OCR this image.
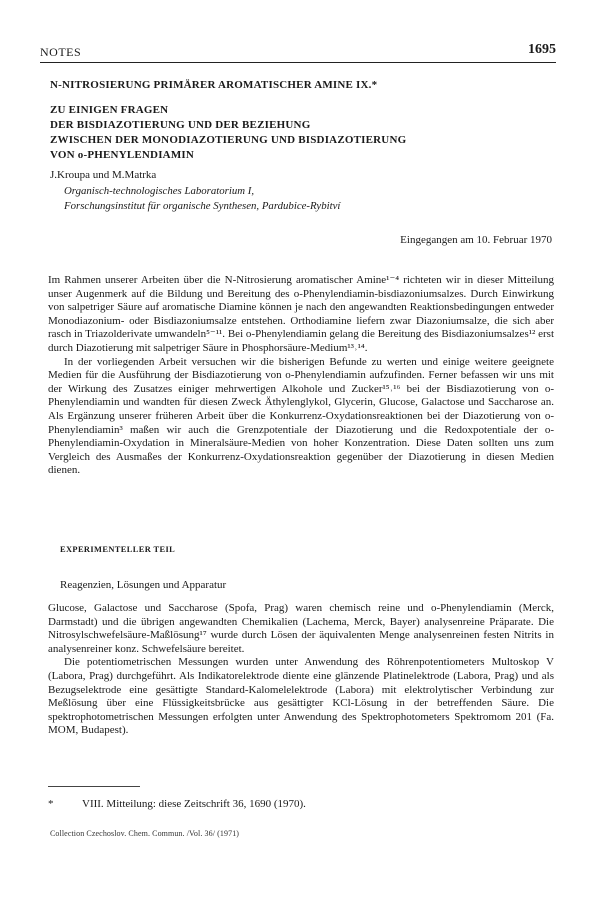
NOTES	1695
N-NITROSIERUNG PRIMÄRER AROMATISCHER AMINE IX.*
ZU EINIGEN FRAGEN
DER BISDIAZOTIERUNG UND DER BEZIEHUNG
ZWISCHEN DER MONODIAZOTIERUNG UND BISDIAZOTIERUNG
VON o-PHENYLENDIAMIN
J.Kroupa und M.Matrka
Organisch-technologisches Laboratorium I,
Forschungsinstitut für organische Synthesen, Pardubice-Rybitví
Eingegangen am 10. Februar 1970

Im Rahmen unserer Arbeiten über die N-Nitrosierung aromatischer Amine¹⁻⁴ richteten wir in dieser Mitteilung unser Augenmerk auf die Bildung und Bereitung des o-Phenylendiamin-bisdiazoniumsalzes. Durch Einwirkung von salpetriger Säure auf aromatische Diamine können je nach den angewandten Reaktionsbedingungen entweder Monodiazonium- oder Bisdiazoniumsalze entstehen. Orthodiamine liefern zwar Diazoniumsalze, die sich aber rasch in Triazolderivate umwandeln⁵⁻¹¹. Bei o-Phenylendiamin gelang die Bereitung des Bisdiazoniumsalzes¹² erst durch Diazotierung mit salpetriger Säure in Phosphorsäure-Medium¹³˒¹⁴.

In der vorliegenden Arbeit versuchen wir die bisherigen Befunde zu werten und einige weitere geeignete Medien für die Ausführung der Bisdiazotierung von o-Phenylendiamin aufzufinden. Ferner befassen wir uns mit der Wirkung des Zusatzes einiger mehrwertigen Alkohole und Zucker¹⁵˒¹⁶ bei der Bisdiazotierung von o-Phenylendiamin und wandten für diesen Zweck Äthylenglykol, Glycerin, Glucose, Galactose und Saccharose an. Als Ergänzung unserer früheren Arbeit über die Konkurrenz-Oxydationsreaktionen bei der Diazotierung von o-Phenylendiamin³ maßen wir auch die Grenzpotentiale der Diazotierung und die Redoxpotentiale der o-Phenylendiamin-Oxydation in Mineralsäure-Medien von hoher Konzentration. Diese Daten sollten uns zum Vergleich des Ausmaßes der Konkurrenz-Oxydationsreaktion gegenüber der Diazotierung in diesen Medien dienen.

EXPERIMENTELLER TEIL
Reagenzien, Lösungen und Apparatur

Glucose, Galactose und Saccharose (Spofa, Prag) waren chemisch reine und o-Phenylendiamin (Merck, Darmstadt) und die übrigen angewandten Chemikalien (Lachema, Merck, Bayer) analysenreine Präparate. Die Nitrosylschwefelsäure-Maßlösung¹⁷ wurde durch Lösen der äquivalenten Menge analysenreinen festen Nitrits in analysenreiner konz. Schwefelsäure bereitet.

Die potentiometrischen Messungen wurden unter Anwendung des Röhrenpotentiometers Multoskop V (Labora, Prag) durchgeführt. Als Indikatorelektrode diente eine glänzende Platinelektrode (Labora, Prag) und als Bezugselektrode eine gesättigte Standard-Kalomelelektrode (Labora) mit elektrolytischer Verbindung zur Meßlösung über eine Flüssigkeitsbrücke aus gesättigter KCl-Lösung in der betreffenden Säure. Die spektrophotometrischen Messungen erfolgten unter Anwendung des Spektrophotometers Spektromom 201 (Fa. MOM, Budapest).

*	VIII. Mitteilung: diese Zeitschrift 36, 1690 (1970).
Collection Czechoslov. Chem. Commun. /Vol. 36/ (1971)
